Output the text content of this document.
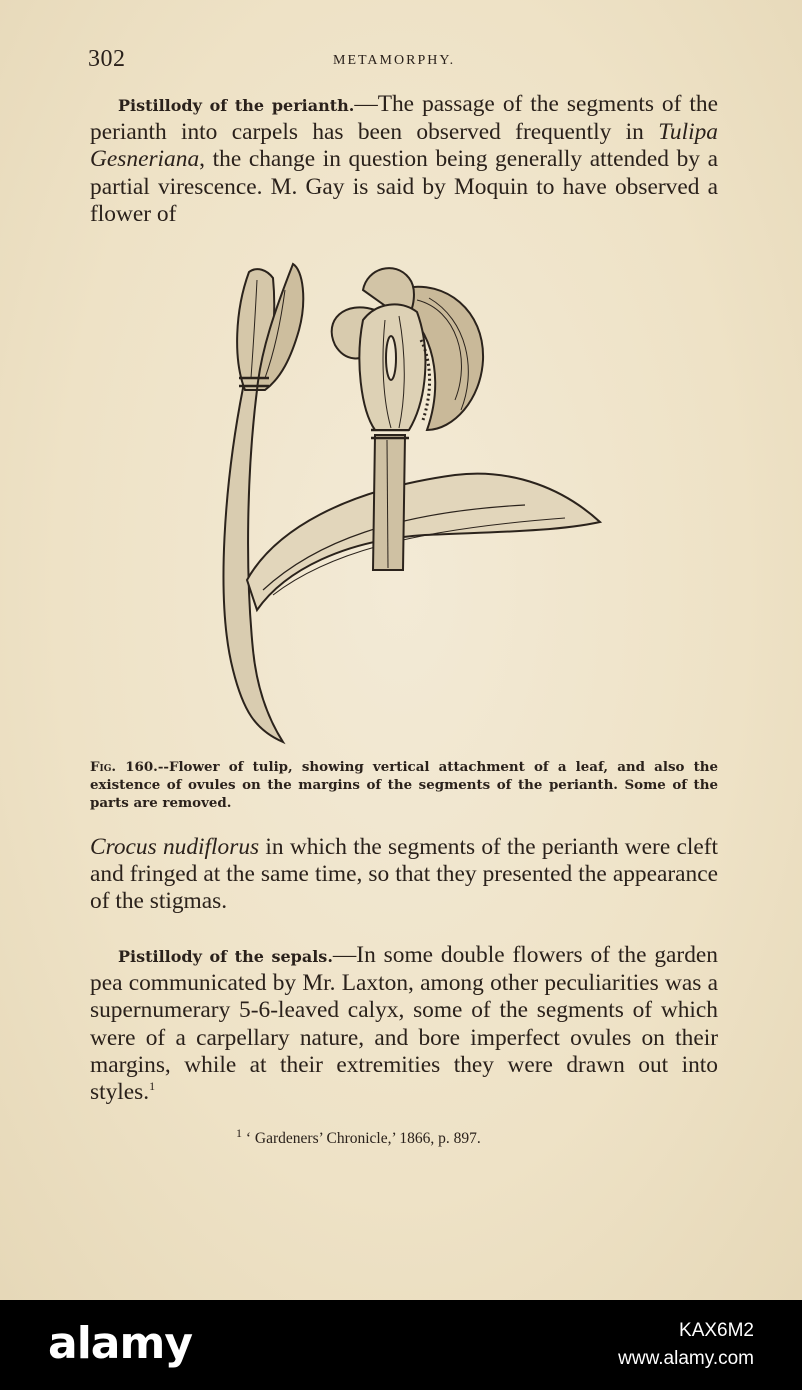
302	METAMORPHY.

Pistillody of the perianth.—The passage of the segments of the perianth into carpels has been observed frequently in Tulipa Gesneriana, the change in question being generally attended by a partial virescence. M. Gay is said by Moquin to have observed a flower of

Fig. 160.--Flower of tulip, showing vertical attachment of a leaf, and also the existence of ovules on the margins of the segments of the perianth. Some of the parts are removed.

Crocus nudiflorus in which the segments of the perianth were cleft and fringed at the same time, so that they presented the appearance of the stigmas.

Pistillody of the sepals.—In some double flowers of the garden pea communicated by Mr. Laxton, among other peculiarities was a supernumerary 5-6-leaved calyx, some of the segments of which were of a carpellary nature, and bore imperfect ovules on their margins, while at their extremities they were drawn out into styles.$^1$

$^1$ ‘ Gardeners’ Chronicle,’ 1866, p. 897.
alamy	KAX6M2
www.alamy.com
